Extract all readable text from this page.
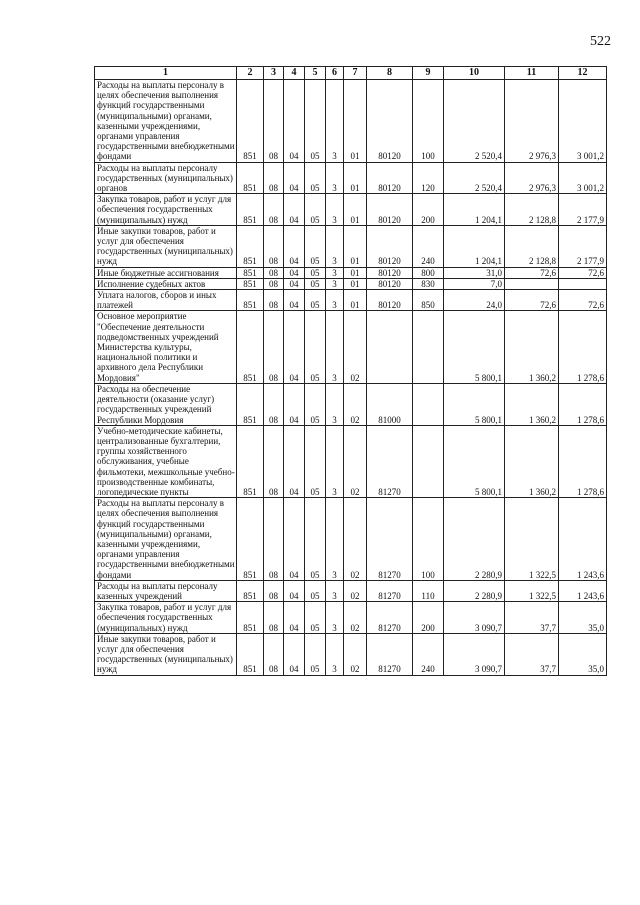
522
1	2	3	4	5	6	7	8	9	10	11	12
Расходы на выплаты персоналу в целях обеспечения выполнения функций государственными (муниципальными) органами, казенными учреждениями, органами управления государственными внебюджетными фондами	851	08	04	05	3	01	80120	100	2 520,4	2 976,3	3 001,2
Расходы на выплаты персоналу государственных (муниципальных) органов	851	08	04	05	3	01	80120	120	2 520,4	2 976,3	3 001,2
Закупка товаров, работ и услуг для обеспечения государственных (муниципальных) нужд	851	08	04	05	3	01	80120	200	1 204,1	2 128,8	2 177,9
Иные закупки товаров, работ и услуг для обеспечения государственных (муниципальных) нужд	851	08	04	05	3	01	80120	240	1 204,1	2 128,8	2 177,9
Иные бюджетные ассигнования	851	08	04	05	3	01	80120	800	31,0	72,6	72,6
Исполнение судебных актов	851	08	04	05	3	01	80120	830	7,0		
Уплата налогов, сборов и иных платежей	851	08	04	05	3	01	80120	850	24,0	72,6	72,6
Основное мероприятие "Обеспечение деятельности подведомственных учреждений Министерства культуры, национальной политики и архивного дела Республики Мордовия"	851	08	04	05	3	02			5 800,1	1 360,2	1 278,6
Расходы на обеспечение деятельности (оказание услуг) государственных учреждений Республики Мордовия	851	08	04	05	3	02	81000		5 800,1	1 360,2	1 278,6
Учебно-методические кабинеты, централизованные бухгалтерии, группы хозяйственного обслуживания, учебные фильмотеки, межшкольные учебно-производственные комбинаты, логопедические пункты	851	08	04	05	3	02	81270		5 800,1	1 360,2	1 278,6
Расходы на выплаты персоналу в целях обеспечения выполнения функций государственными (муниципальными) органами, казенными учреждениями, органами управления государственными внебюджетными фондами	851	08	04	05	3	02	81270	100	2 280,9	1 322,5	1 243,6
Расходы на выплаты персоналу казенных учреждений	851	08	04	05	3	02	81270	110	2 280,9	1 322,5	1 243,6
Закупка товаров, работ и услуг для обеспечения государственных (муниципальных) нужд	851	08	04	05	3	02	81270	200	3 090,7	37,7	35,0
Иные закупки товаров, работ и услуг для обеспечения государственных (муниципальных) нужд	851	08	04	05	3	02	81270	240	3 090,7	37,7	35,0
